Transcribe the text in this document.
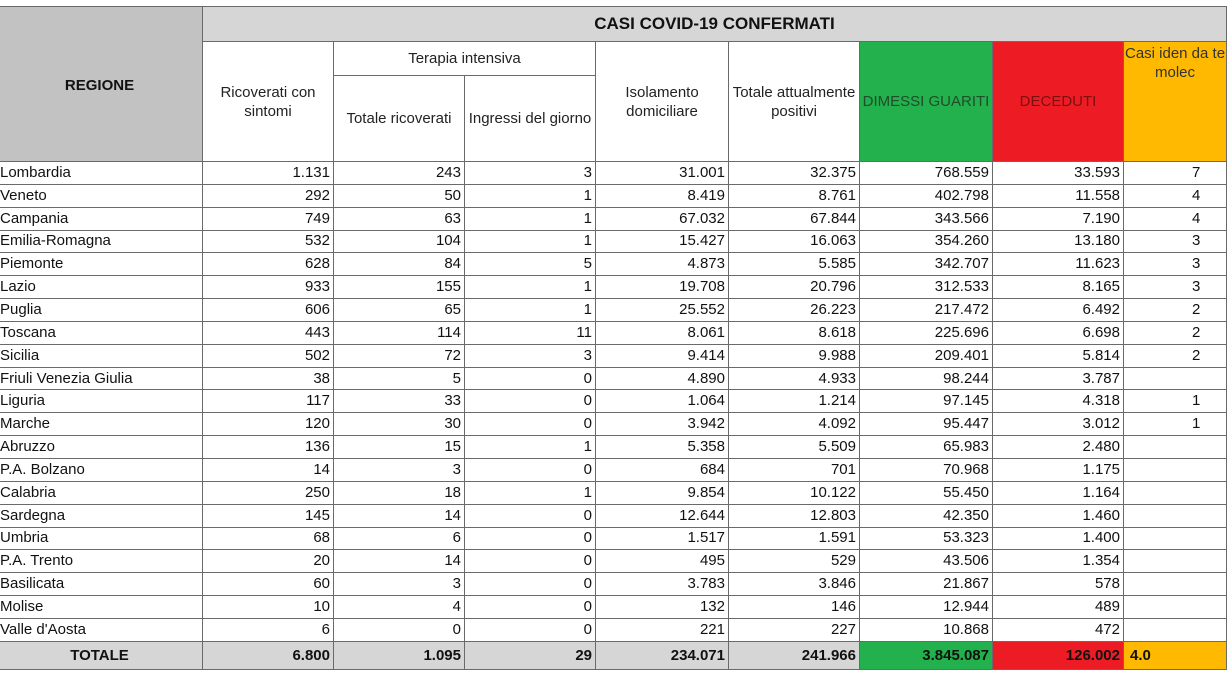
REGIONE	CASI COVID-19 CONFERMATI							
	Ricoverati con sintomi	Terapia intensiva		Isolamento domiciliare	Totale attualmente positivi	DIMESSI GUARITI	DECEDUTI	Casi iden da te molec
		Totale ricoverati	Ingressi del giorno					
Lombardia	1.131	243	3	31.001	32.375	768.559	33.593	7
Veneto	292	50	1	8.419	8.761	402.798	11.558	4
Campania	749	63	1	67.032	67.844	343.566	7.190	4
Emilia-Romagna	532	104	1	15.427	16.063	354.260	13.180	3
Piemonte	628	84	5	4.873	5.585	342.707	11.623	3
Lazio	933	155	1	19.708	20.796	312.533	8.165	3
Puglia	606	65	1	25.552	26.223	217.472	6.492	2
Toscana	443	114	11	8.061	8.618	225.696	6.698	2
Sicilia	502	72	3	9.414	9.988	209.401	5.814	2
Friuli Venezia Giulia	38	5	0	4.890	4.933	98.244	3.787	
Liguria	117	33	0	1.064	1.214	97.145	4.318	1
Marche	120	30	0	3.942	4.092	95.447	3.012	1
Abruzzo	136	15	1	5.358	5.509	65.983	2.480	
P.A. Bolzano	14	3	0	684	701	70.968	1.175	
Calabria	250	18	1	9.854	10.122	55.450	1.164	
Sardegna	145	14	0	12.644	12.803	42.350	1.460	
Umbria	68	6	0	1.517	1.591	53.323	1.400	
P.A. Trento	20	14	0	495	529	43.506	1.354	
Basilicata	60	3	0	3.783	3.846	21.867	578	
Molise	10	4	0	132	146	12.944	489	
Valle d'Aosta	6	0	0	221	227	10.868	472	
TOTALE	6.800	1.095	29	234.071	241.966	3.845.087	126.002	4.0
